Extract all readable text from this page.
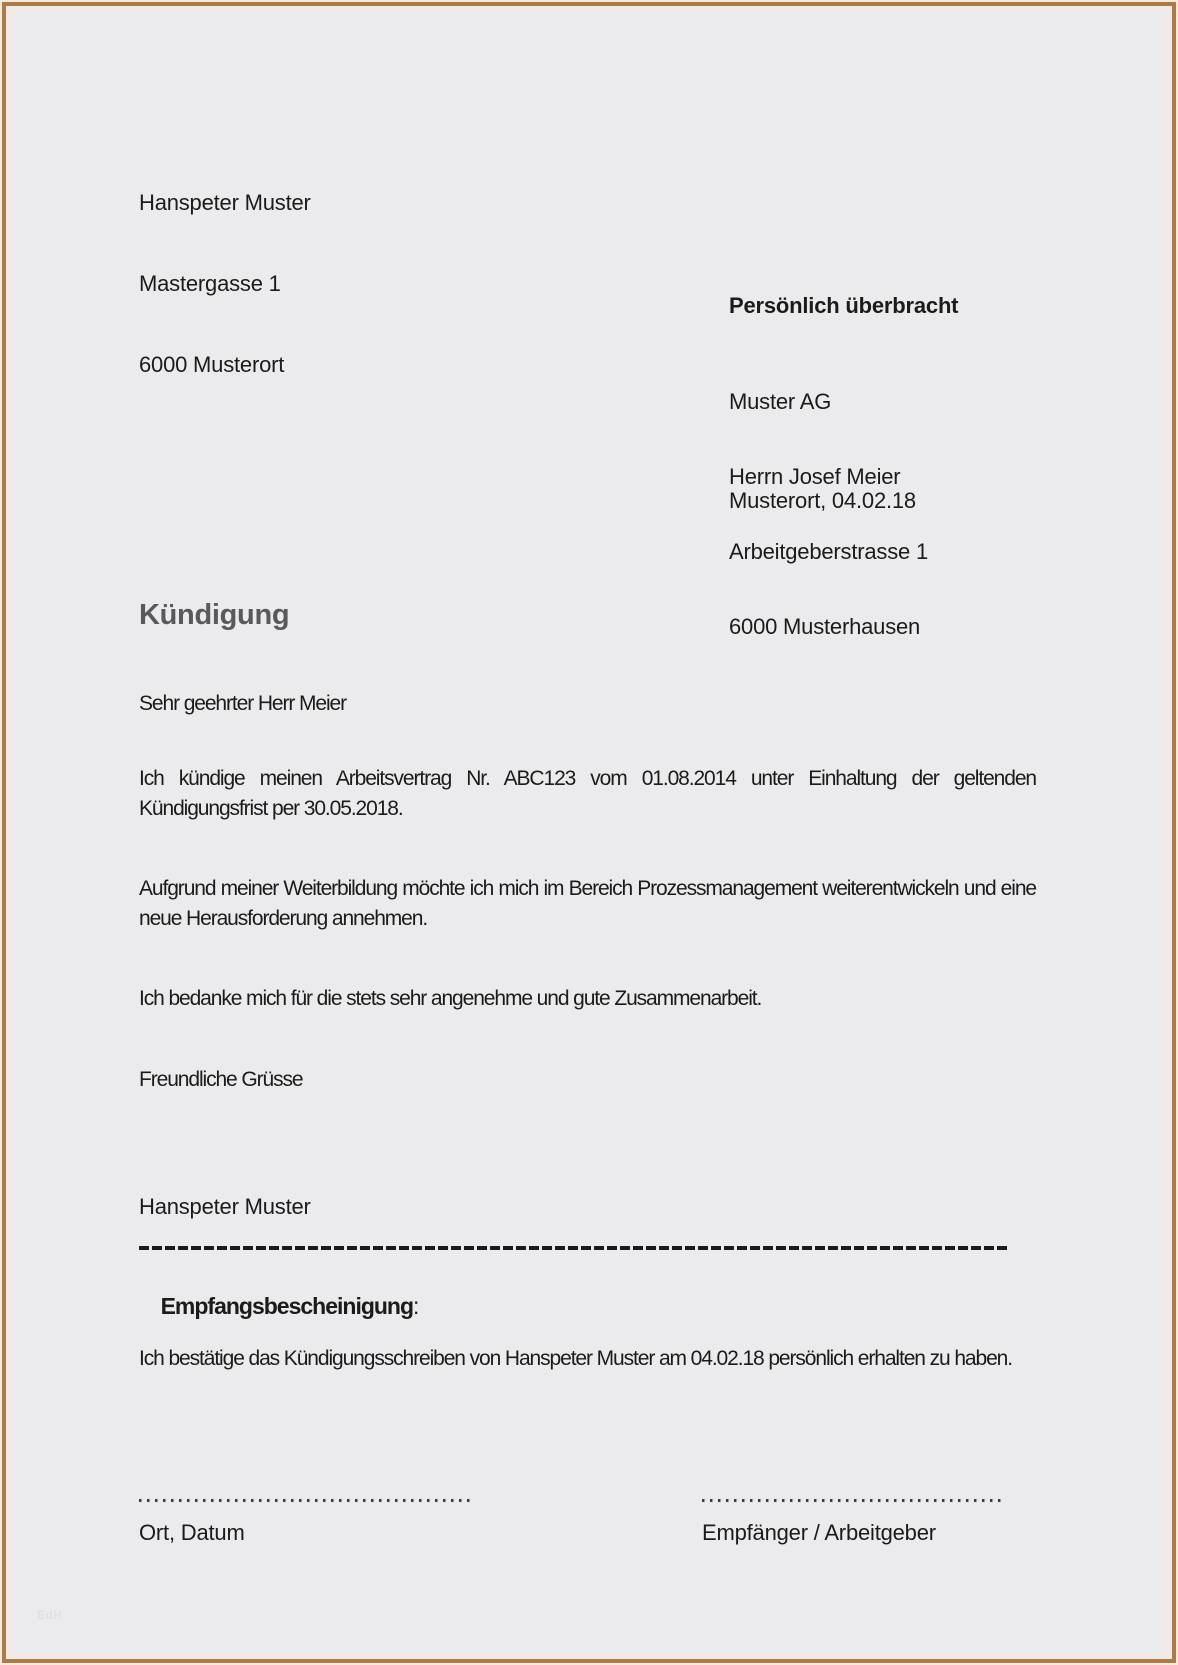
Hanspeter Muster

Mastergasse 1

6000 Musterort

Persönlich überbracht

Muster AG

Herrn Josef Meier

Arbeitgeberstrasse 1

6000 Musterhausen

Musterort, 04.02.18
Kündigung
Sehr geehrter Herr Meier
Ich kündige meinen Arbeitsvertrag Nr. ABC123 vom 01.08.2014 unter Einhaltung der geltenden Kündigungsfrist per 30.05.2018.
Aufgrund meiner Weiterbildung möchte ich mich im Bereich Prozessmanagement weiterentwickeln und eine neue Herausforderung annehmen.
Ich bedanke mich für die stets sehr angenehme und gute Zusammenarbeit.
Freundliche Grüsse
Hanspeter Muster

Empfangsbescheinigung:

Ich bestätige das Kündigungsschreiben von Hanspeter Muster am 04.02.18 persönlich erhalten zu haben.
Ort, Datum	Empfänger / Arbeitgeber
EdH
